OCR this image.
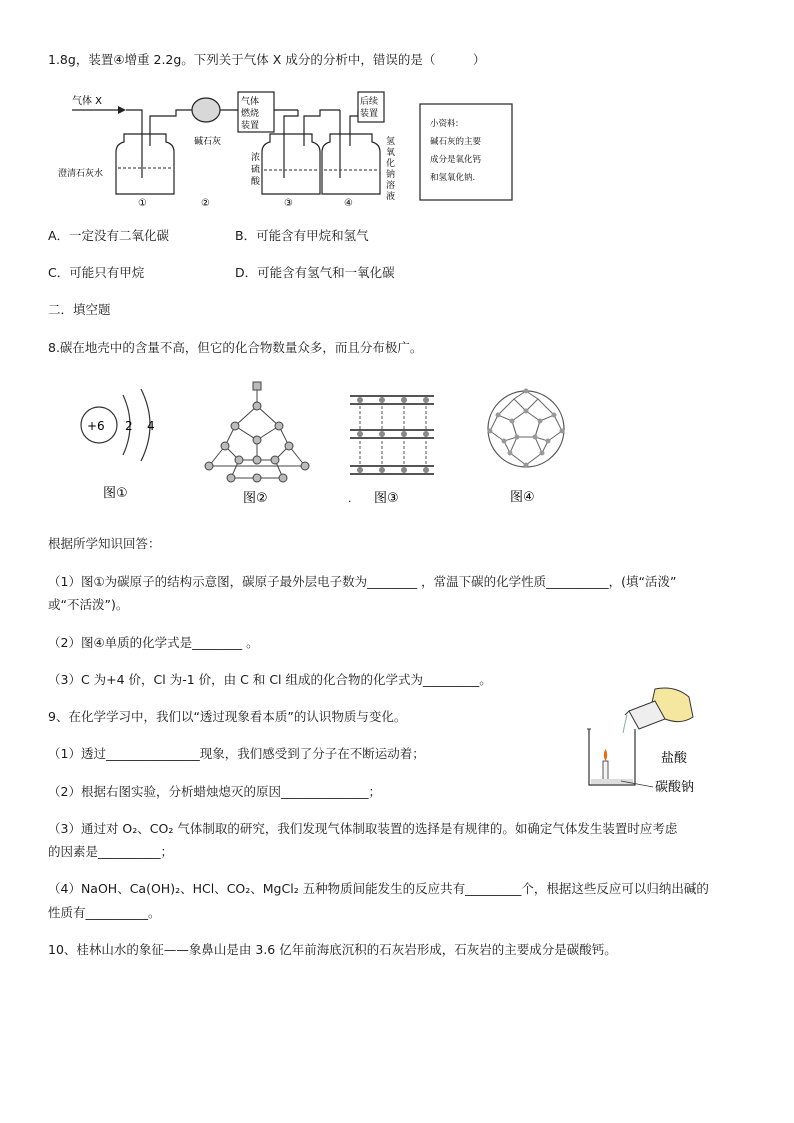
1.8g，装置④增重 2.2g。下列关于气体 X 成分的分析中，错误的是（　　　）
气体 X
澄清石灰水
碱石灰
气体
燃烧
装置
后续
装置
浓
硫
酸
氢
氧
化
钠
溶
液
①	②	③	④
小资料:
碱石灰的主要
成分是氧化钙
和氢氧化钠.
A．一定没有二氧化碳	B．可能含有甲烷和氢气
C．可能只有甲烷	D．可能含有氢气和一氧化碳
二．填空题
8.碳在地壳中的含量不高，但它的化合物数量众多，而且分布极广。
+6 2 4
图①	图②	. 图③	图④
根据所学知识回答：
（1）图①为碳原子的结构示意图，碳原子最外层电子数为________ ，常温下碳的化学性质__________，(填“活泼”
或“不活泼”)。
（2）图④单质的化学式是________ 。
（3）C 为+4 价，Cl 为-1 价，由 C 和 Cl 组成的化合物的化学式为_________。
9、在化学学习中，我们以“透过现象看本质”的认识物质与变化。
（1）透过_______________现象，我们感受到了分子在不断运动着；
（2）根据右图实验，分析蜡烛熄灭的原因______________；
盐酸
碳酸钠
（3）通过对 O₂、CO₂ 气体制取的研究，我们发现气体制取装置的选择是有规律的。如确定气体发生装置时应考虑
的因素是__________；
（4）NaOH、Ca(OH)₂、HCl、CO₂、MgCl₂ 五种物质间能发生的反应共有_________个，根据这些反应可以归纳出碱的
性质有__________。
10、桂林山水的象征——象鼻山是由 3.6 亿年前海底沉积的石灰岩形成，石灰岩的主要成分是碳酸钙。
